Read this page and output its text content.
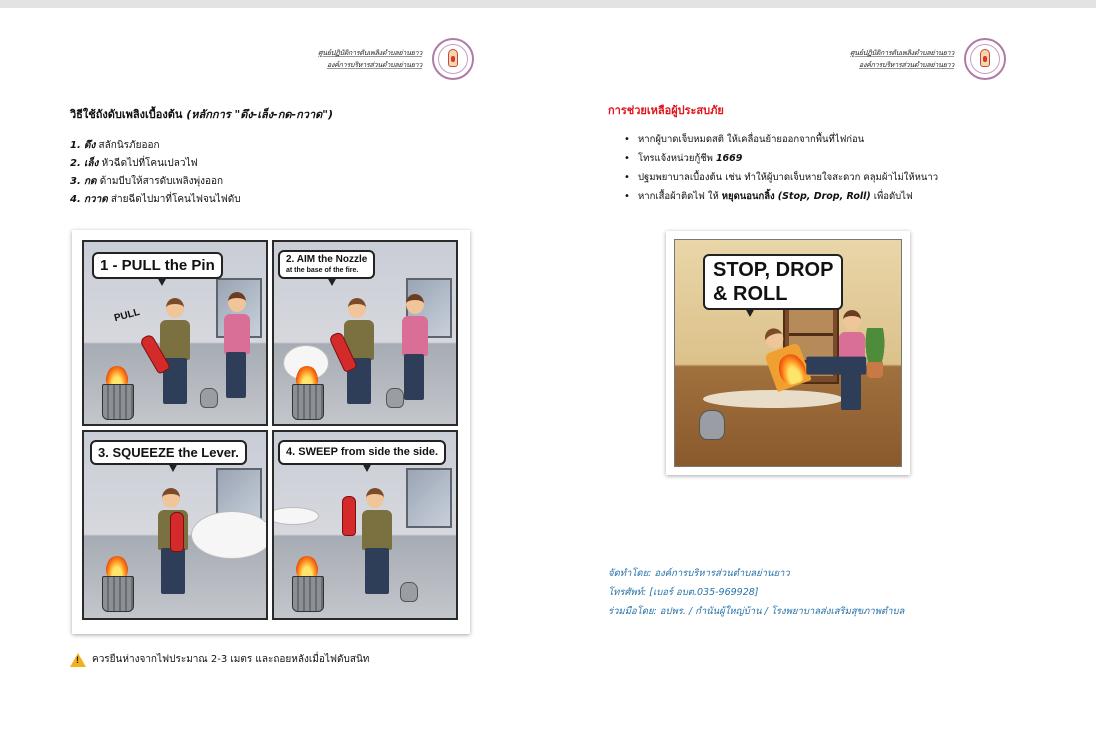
ศูนย์ปฏิบัติการดับเพลิงตำบลย่านยาว
องค์การบริหารส่วนตำบลย่านยาว
วิธีใช้ถังดับเพลิงเบื้องต้น (หลักการ "ดึง-เล็ง-กด-กวาด")
1. ดึง สลักนิรภัยออก
2. เล็ง หัวฉีดไปที่โคนเปลวไฟ
3. กด ด้ามบีบให้สารดับเพลิงพุ่งออก
4. กวาด ส่ายฉีดไปมาที่โคนไฟจนไฟดับ
1 - PULL the Pin
PULL
2. AIM the Nozzle
at the base of the fire.
3. SQUEEZE the Lever.	4. SWEEP from side the side.
! ควรยืนห่างจากไฟประมาณ 2-3 เมตร และถอยหลังเมื่อไฟดับสนิท
ศูนย์ปฏิบัติการดับเพลิงตำบลย่านยาว
องค์การบริหารส่วนตำบลย่านยาว
การช่วยเหลือผู้ประสบภัย
• หากผู้บาดเจ็บหมดสติ ให้เคลื่อนย้ายออกจากพื้นที่ไฟก่อน
• โทรแจ้งหน่วยกู้ชีพ 1669
• ปฐมพยาบาลเบื้องต้น เช่น ทำให้ผู้บาดเจ็บหายใจสะดวก คลุมผ้าไม่ให้หนาว
• หากเสื้อผ้าติดไฟ ให้ หยุดนอนกลิ้ง (Stop, Drop, Roll) เพื่อดับไฟ
STOP, DROP
& ROLL
จัดทำโดย: องค์การบริหารส่วนตำบลย่านยาว
โทรศัพท์: [เบอร์ อบต.035-969928]
ร่วมมือโดย: อปพร. / กำนันผู้ใหญ่บ้าน / โรงพยาบาลส่งเสริมสุขภาพตำบล
